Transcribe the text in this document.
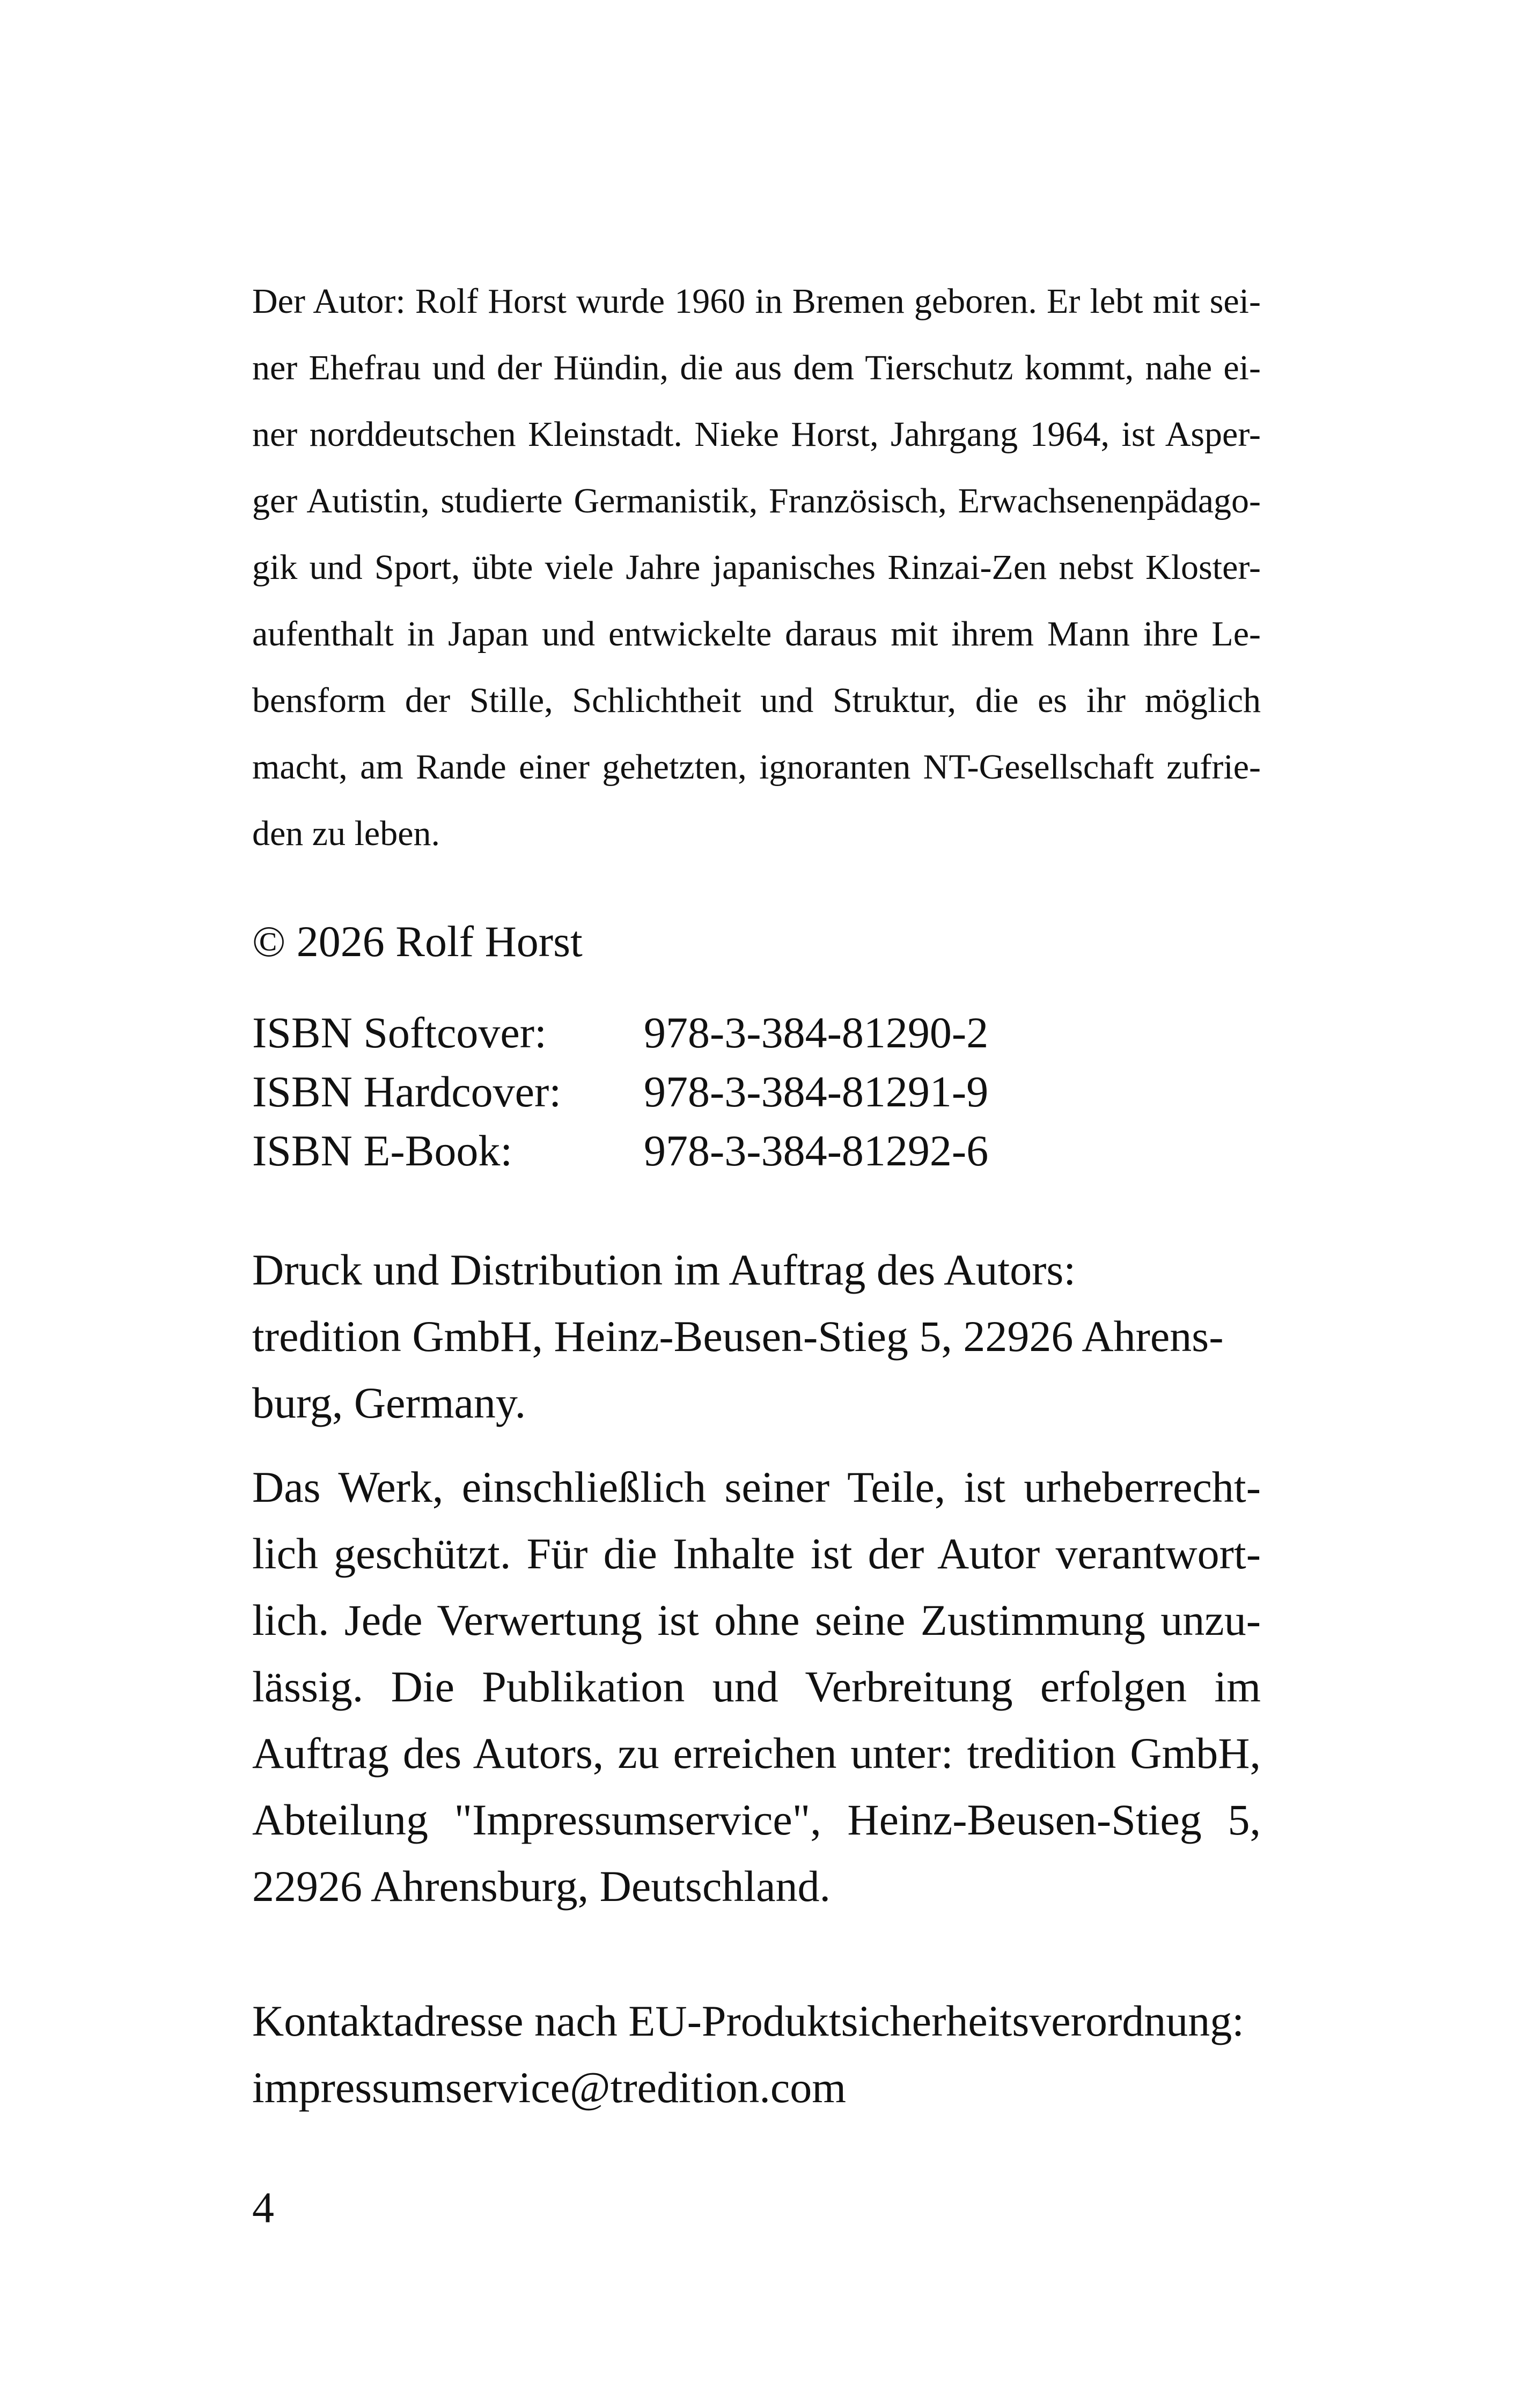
Der Autor: Rolf Horst wurde 1960 in Bremen geboren. Er lebt mit sei-
ner Ehefrau und der Hündin, die aus dem Tierschutz kommt, nahe ei-
ner norddeutschen Kleinstadt. Nieke Horst, Jahrgang 1964, ist Asper-
ger Autistin, studierte Germanistik, Französisch, Erwachsenenpädago-
gik und Sport, übte viele Jahre japanisches Rinzai-Zen nebst Kloster-
aufenthalt in Japan und entwickelte daraus mit ihrem Mann ihre Le-
bensform der Stille, Schlichtheit und Struktur, die es ihr möglich
macht, am Rande einer gehetzten, ignoranten NT-Gesellschaft zufrie-
den zu leben.
© 2026 Rolf Horst
ISBN Softcover:	978-3-384-81290-2
ISBN Hardcover:	978-3-384-81291-9
ISBN E-Book:	978-3-384-81292-6
Druck und Distribution im Auftrag des Autors:
tredition GmbH, Heinz-Beusen-Stieg 5, 22926 Ahrens-
burg, Germany.
Das Werk, einschließlich seiner Teile, ist urheberrecht-
lich geschützt. Für die Inhalte ist der Autor verantwort-
lich. Jede Verwertung ist ohne seine Zustimmung unzu-
lässig. Die Publikation und Verbreitung erfolgen im
Auftrag des Autors, zu erreichen unter: tredition GmbH,
Abteilung "Impressumservice", Heinz-Beusen-Stieg 5,
22926 Ahrensburg, Deutschland.
Kontaktadresse nach EU-Produktsicherheitsverordnung:
impressumservice@tredition.com
4
